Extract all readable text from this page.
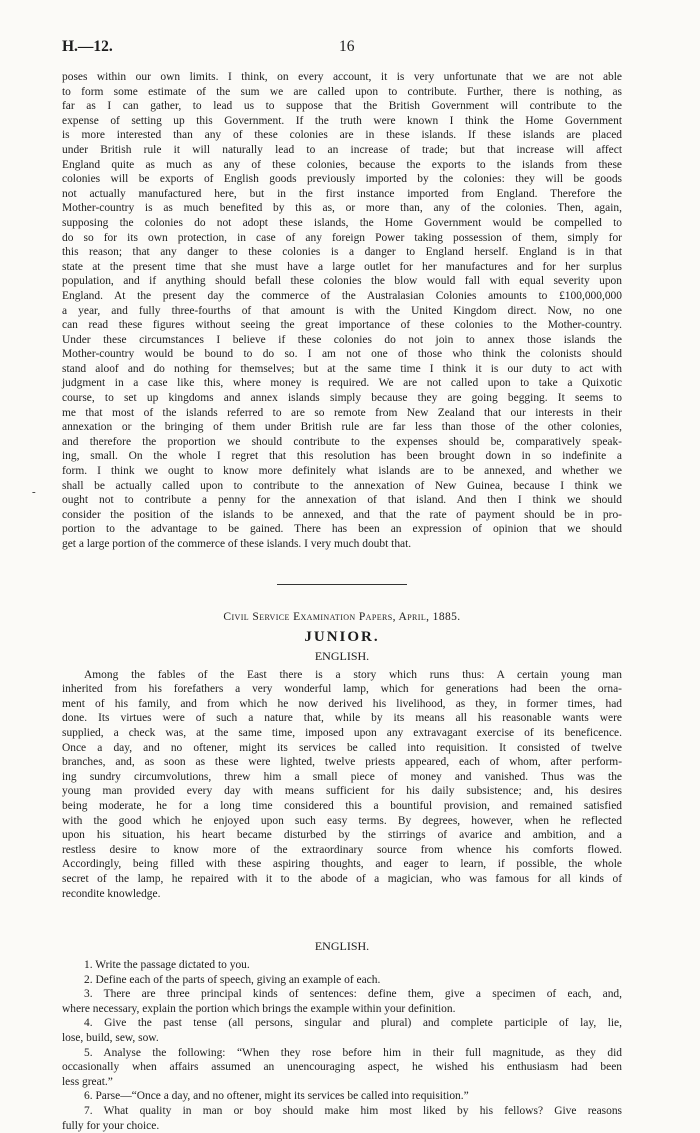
H.—12.	16
-

poses within our own limits. I think, on every account, it is very unfortunate that we are not able

to form some estimate of the sum we are called upon to contribute. Further, there is nothing, as

far as I can gather, to lead us to suppose that the British Government will contribute to the

expense of setting up this Government. If the truth were known I think the Home Government

is more interested than any of these colonies are in these islands. If these islands are placed

under British rule it will naturally lead to an increase of trade; but that increase will affect

England quite as much as any of these colonies, because the exports to the islands from these

colonies will be exports of English goods previously imported by the colonies: they will be goods

not actually manufactured here, but in the first instance imported from England. Therefore the

Mother-country is as much benefited by this as, or more than, any of the colonies. Then, again,

supposing the colonies do not adopt these islands, the Home Government would be compelled to

do so for its own protection, in case of any foreign Power taking possession of them, simply for

this reason; that any danger to these colonies is a danger to England herself. England is in that

state at the present time that she must have a large outlet for her manufactures and for her surplus

population, and if anything should befall these colonies the blow would fall with equal severity upon

England. At the present day the commerce of the Australasian Colonies amounts to £100,000,000

a year, and fully three-fourths of that amount is with the United Kingdom direct. Now, no one

can read these figures without seeing the great importance of these colonies to the Mother-country.

Under these circumstances I believe if these colonies do not join to annex those islands the

Mother-country would be bound to do so. I am not one of those who think the colonists should

stand aloof and do nothing for themselves; but at the same time I think it is our duty to act with

judgment in a case like this, where money is required. We are not called upon to take a Quixotic

course, to set up kingdoms and annex islands simply because they are going begging. It seems to

me that most of the islands referred to are so remote from New Zealand that our interests in their

annexation or the bringing of them under British rule are far less than those of the other colonies,

and therefore the proportion we should contribute to the expenses should be, comparatively speak-

ing, small. On the whole I regret that this resolution has been brought down in so indefinite a

form. I think we ought to know more definitely what islands are to be annexed, and whether we

shall be actually called upon to contribute to the annexation of New Guinea, because I think we

ought not to contribute a penny for the annexation of that island. And then I think we should

consider the position of the islands to be annexed, and that the rate of payment should be in pro-

portion to the advantage to be gained. There has been an expression of opinion that we should

get a large portion of the commerce of these islands. I very much doubt that.

Civil Service Examination Papers, April, 1885.
JUNIOR.
ENGLISH.

Among the fables of the East there is a story which runs thus: A certain young man

inherited from his forefathers a very wonderful lamp, which for generations had been the orna-

ment of his family, and from which he now derived his livelihood, as they, in former times, had

done. Its virtues were of such a nature that, while by its means all his reasonable wants were

supplied, a check was, at the same time, imposed upon any extravagant exercise of its beneficence.

Once a day, and no oftener, might its services be called into requisition. It consisted of twelve

branches, and, as soon as these were lighted, twelve priests appeared, each of whom, after perform-

ing sundry circumvolutions, threw him a small piece of money and vanished. Thus was the

young man provided every day with means sufficient for his daily subsistence; and, his desires

being moderate, he for a long time considered this a bountiful provision, and remained satisfied

with the good which he enjoyed upon such easy terms. By degrees, however, when he reflected

upon his situation, his heart became disturbed by the stirrings of avarice and ambition, and a

restless desire to know more of the extraordinary source from whence his comforts flowed.

Accordingly, being filled with these aspiring thoughts, and eager to learn, if possible, the whole

secret of the lamp, he repaired with it to the abode of a magician, who was famous for all kinds of

recondite knowledge.

ENGLISH.

1. Write the passage dictated to you.

2. Define each of the parts of speech, giving an example of each.

3. There are three principal kinds of sentences: define them, give a specimen of each, and,

where necessary, explain the portion which brings the example within your definition.

4. Give the past tense (all persons, singular and plural) and complete participle of lay, lie,

lose, build, sew, sow.

5. Analyse the following: “When they rose before him in their full magnitude, as they did

occasionally when affairs assumed an unencouraging aspect, he wished his enthusiasm had been

less great.”

6. Parse—“Once a day, and no oftener, might its services be called into requisition.”

7. What quality in man or boy should make him most liked by his fellows? Give reasons

fully for your choice.
